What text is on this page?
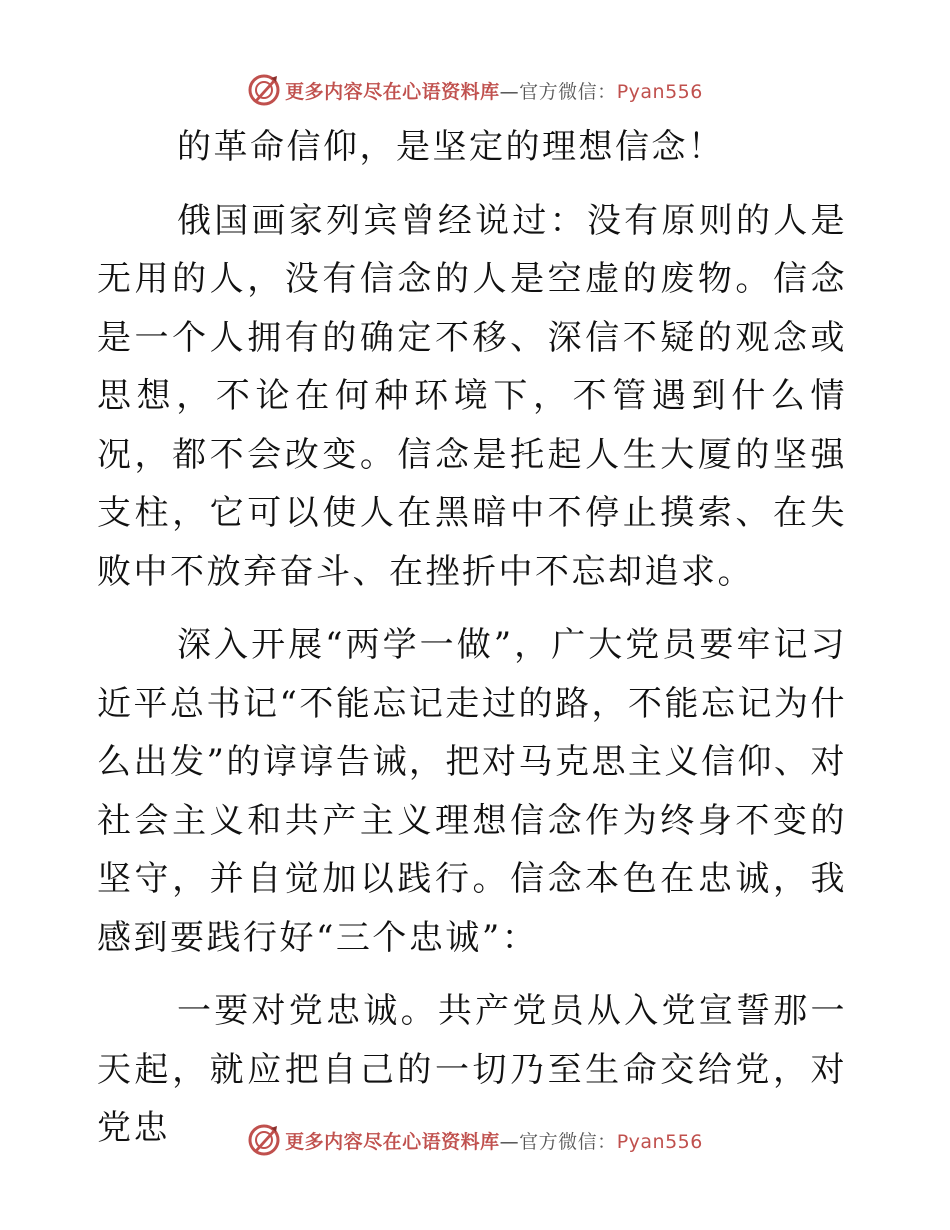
更多内容尽在心语资料库—官方微信：Pyan556

的革命信仰，是坚定的理想信念！

俄国画家列宾曾经说过：没有原则的人是无用的人，没有信念的人是空虚的废物。信念是一个人拥有的确定不移、深信不疑的观念或思想，不论在何种环境下，不管遇到什么情况，都不会改变。信念是托起人生大厦的坚强支柱，它可以使人在黑暗中不停止摸索、在失败中不放弃奋斗、在挫折中不忘却追求。

深入开展“两学一做”，广大党员要牢记习近平总书记“不能忘记走过的路，不能忘记为什么出发”的谆谆告诫，把对马克思主义信仰、对社会主义和共产主义理想信念作为终身不变的坚守，并自觉加以践行。信念本色在忠诚，我感到要践行好“三个忠诚”：

一要对党忠诚。共产党员从入党宣誓那一天起，就应把自己的一切乃至生命交给党，对党忠	更多内容尽在心语资料库—官方微信：Pyan556
